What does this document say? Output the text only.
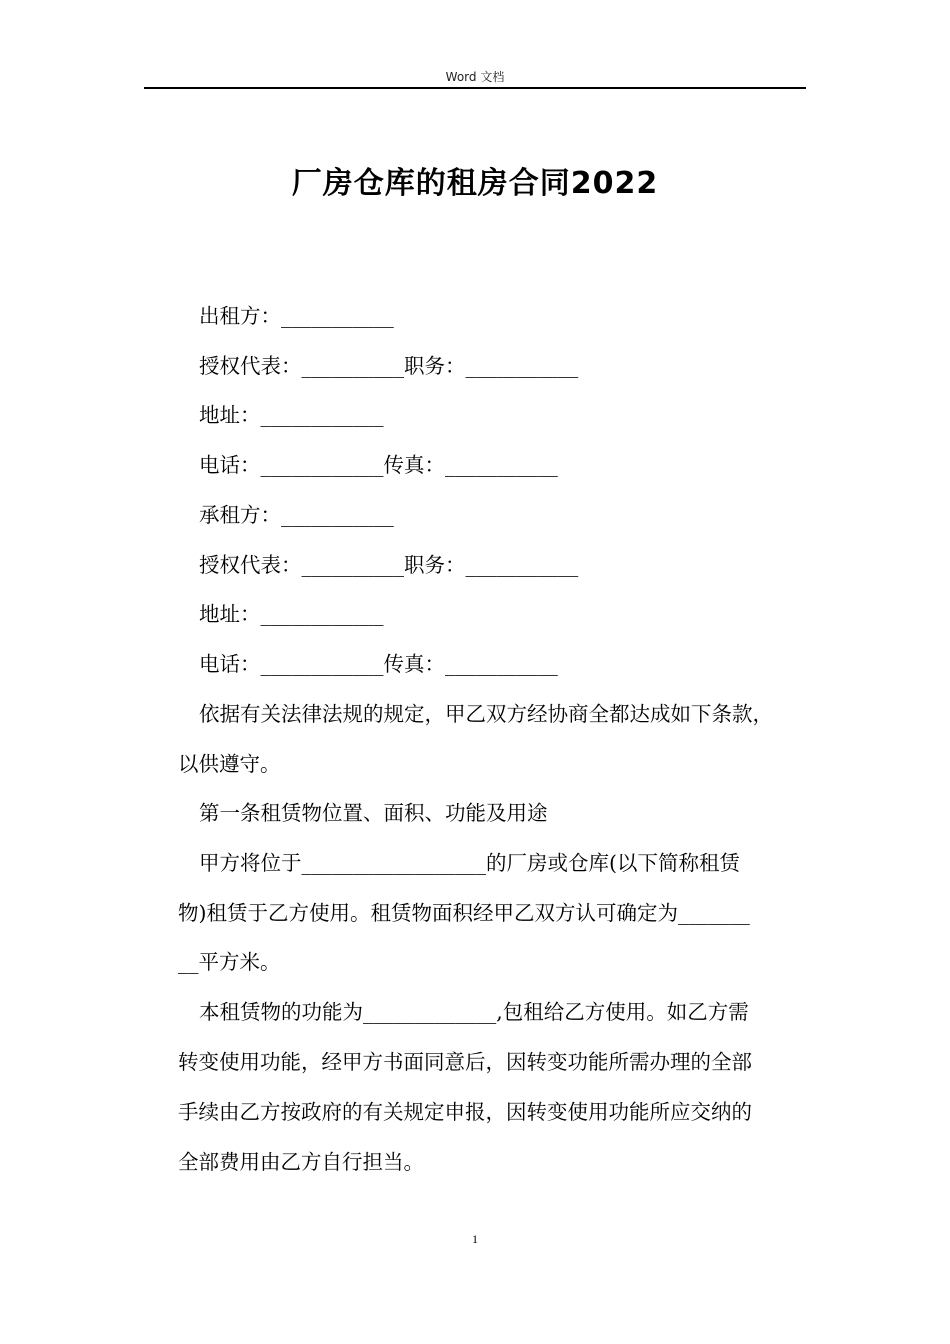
Word 文档
厂房仓库的租房合同2022
出租方：___________
授权代表：__________职务：___________
地址：____________
电话：____________传真：___________
承租方：___________
授权代表：__________职务：___________
地址：____________
电话：____________传真：___________
依据有关法律法规的规定，甲乙双方经协商全都达成如下条款，
以供遵守。
第一条租赁物位置、面积、功能及用途
甲方将位于__________________的厂房或仓库(以下简称租赁
物)租赁于乙方使用。租赁物面积经甲乙双方认可确定为_______
__平方米。
本租赁物的功能为_____________,包租给乙方使用。如乙方需
转变使用功能，经甲方书面同意后，因转变功能所需办理的全部
手续由乙方按政府的有关规定申报，因转变使用功能所应交纳的
全部费用由乙方自行担当。
1
